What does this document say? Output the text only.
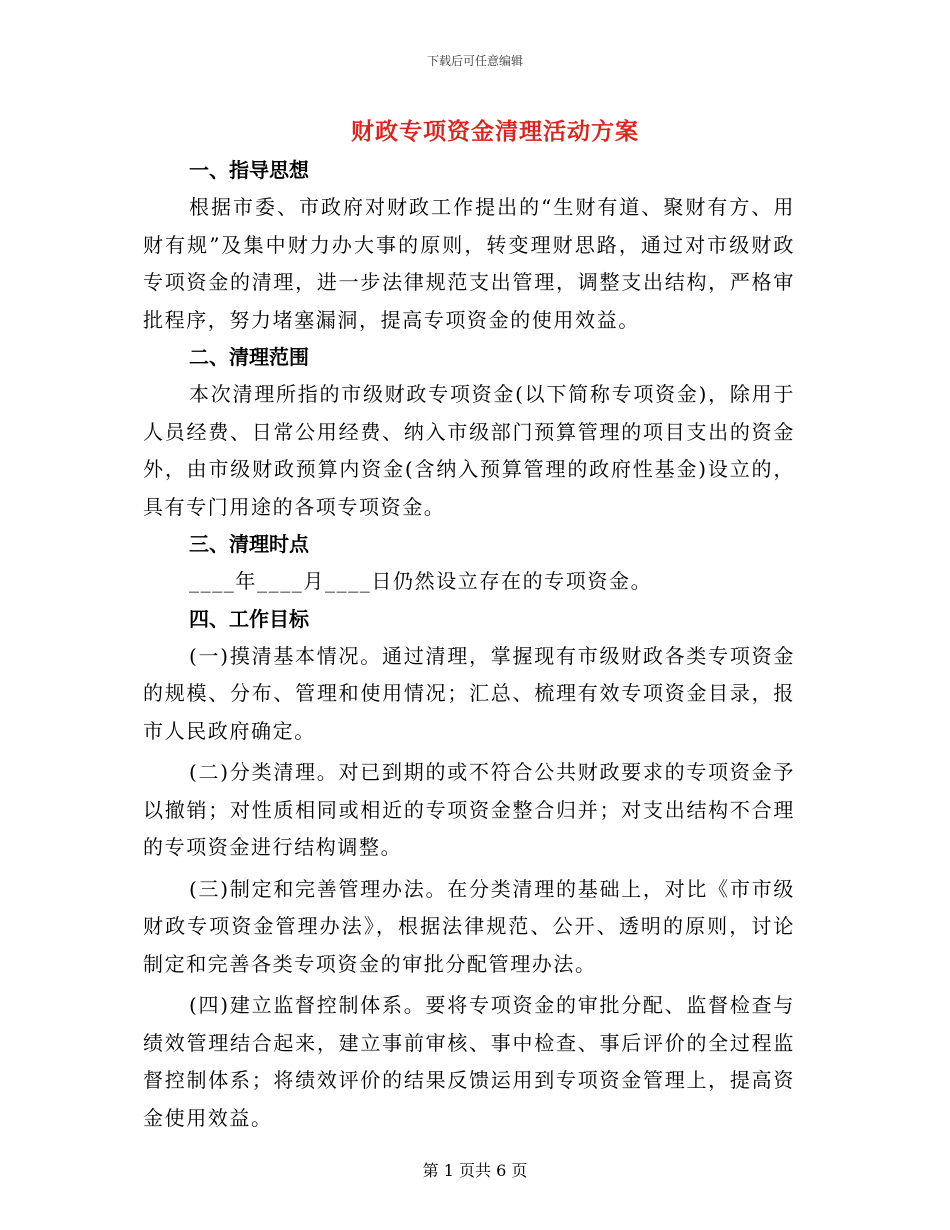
下载后可任意编辑
财政专项资金清理活动方案
一、指导思想

根据市委、市政府对财政工作提出的“生财有道、聚财有方、用财有规”及集中财力办大事的原则，转变理财思路，通过对市级财政专项资金的清理，进一步法律规范支出管理，调整支出结构，严格审批程序，努力堵塞漏洞，提高专项资金的使用效益。

二、清理范围

本次清理所指的市级财政专项资金(以下简称专项资金)，除用于人员经费、日常公用经费、纳入市级部门预算管理的项目支出的资金外，由市级财政预算内资金(含纳入预算管理的政府性基金)设立的，具有专门用途的各项专项资金。

三、清理时点

____年____月____日仍然设立存在的专项资金。

四、工作目标

(一)摸清基本情况。通过清理，掌握现有市级财政各类专项资金的规模、分布、管理和使用情况；汇总、梳理有效专项资金目录，报市人民政府确定。

(二)分类清理。对已到期的或不符合公共财政要求的专项资金予以撤销；对性质相同或相近的专项资金整合归并；对支出结构不合理的专项资金进行结构调整。

(三)制定和完善管理办法。在分类清理的基础上，对比《市市级财政专项资金管理办法》，根据法律规范、公开、透明的原则，讨论制定和完善各类专项资金的审批分配管理办法。

(四)建立监督控制体系。要将专项资金的审批分配、监督检查与绩效管理结合起来，建立事前审核、事中检查、事后评价的全过程监督控制体系；将绩效评价的结果反馈运用到专项资金管理上，提高资金使用效益。

第 1 页共 6 页
